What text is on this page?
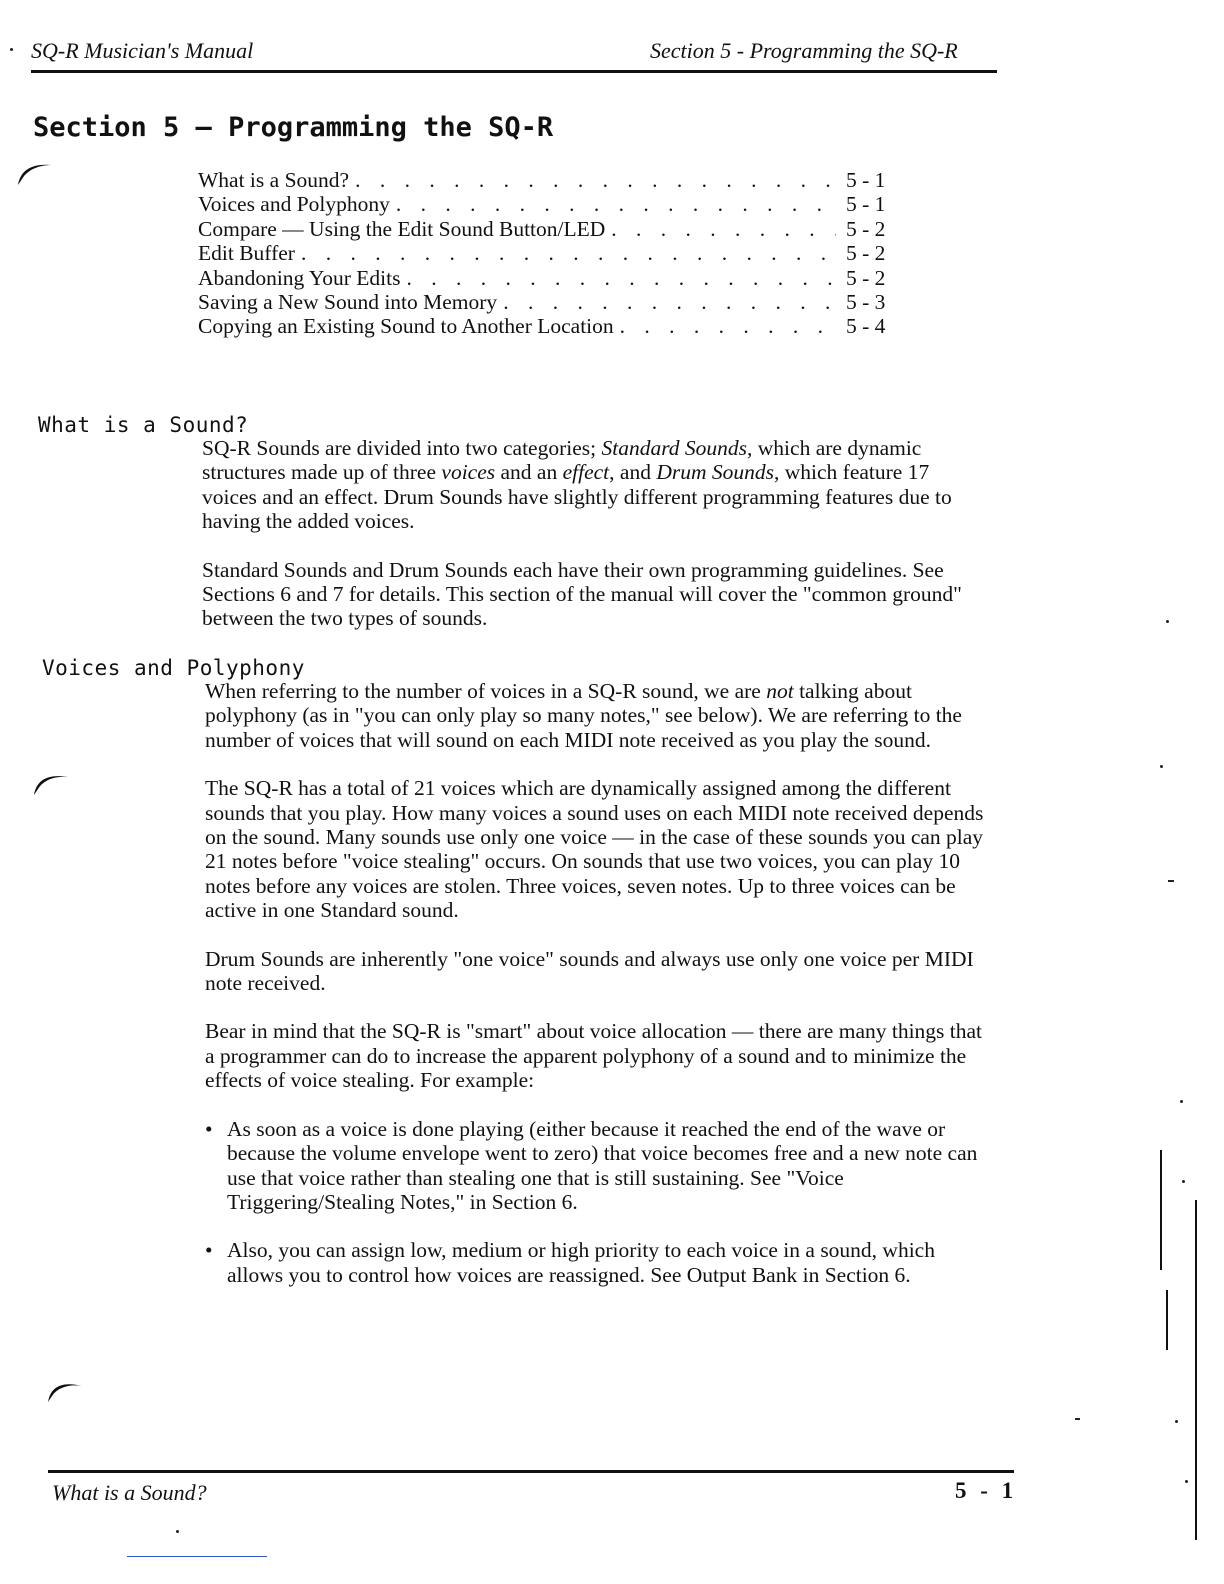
SQ-R Musician's Manual	Section 5 - Programming the SQ-R
Section 5 — Programming the SQ-R
What is a Sound? . . .	5 - 1
Voices and Polyphony . . .	5 - 1
Compare — Using the Edit Sound Button/LED . . .	5 - 2
Edit Buffer . . .	5 - 2
Abandoning Your Edits . . .	5 - 2
Saving a New Sound into Memory . . .	5 - 3
Copying an Existing Sound to Another Location . . .	5 - 4
What is a Sound?

SQ-R Sounds are divided into two categories; Standard Sounds, which are dynamic structures made up of three voices and an effect, and Drum Sounds, which feature 17 voices and an effect. Drum Sounds have slightly different programming features due to having the added voices.

Standard Sounds and Drum Sounds each have their own programming guidelines. See Sections 6 and 7 for details. This section of the manual will cover the "common ground" between the two types of sounds.

Voices and Polyphony

When referring to the number of voices in a SQ-R sound, we are not talking about polyphony (as in "you can only play so many notes," see below). We are referring to the number of voices that will sound on each MIDI note received as you play the sound.

The SQ-R has a total of 21 voices which are dynamically assigned among the different sounds that you play. How many voices a sound uses on each MIDI note received depends on the sound. Many sounds use only one voice — in the case of these sounds you can play 21 notes before "voice stealing" occurs. On sounds that use two voices, you can play 10 notes before any voices are stolen. Three voices, seven notes. Up to three voices can be active in one Standard sound.

Drum Sounds are inherently "one voice" sounds and always use only one voice per MIDI note received.

Bear in mind that the SQ-R is "smart" about voice allocation — there are many things that a programmer can do to increase the apparent polyphony of a sound and to minimize the effects of voice stealing. For example:

• As soon as a voice is done playing (either because it reached the end of the wave or because the volume envelope went to zero) that voice becomes free and a new note can use that voice rather than stealing one that is still sustaining. See "Voice Triggering/Stealing Notes," in Section 6.
• Also, you can assign low, medium or high priority to each voice in a sound, which allows you to control how voices are reassigned. See Output Bank in Section 6.
What is a Sound?	5 - 1
